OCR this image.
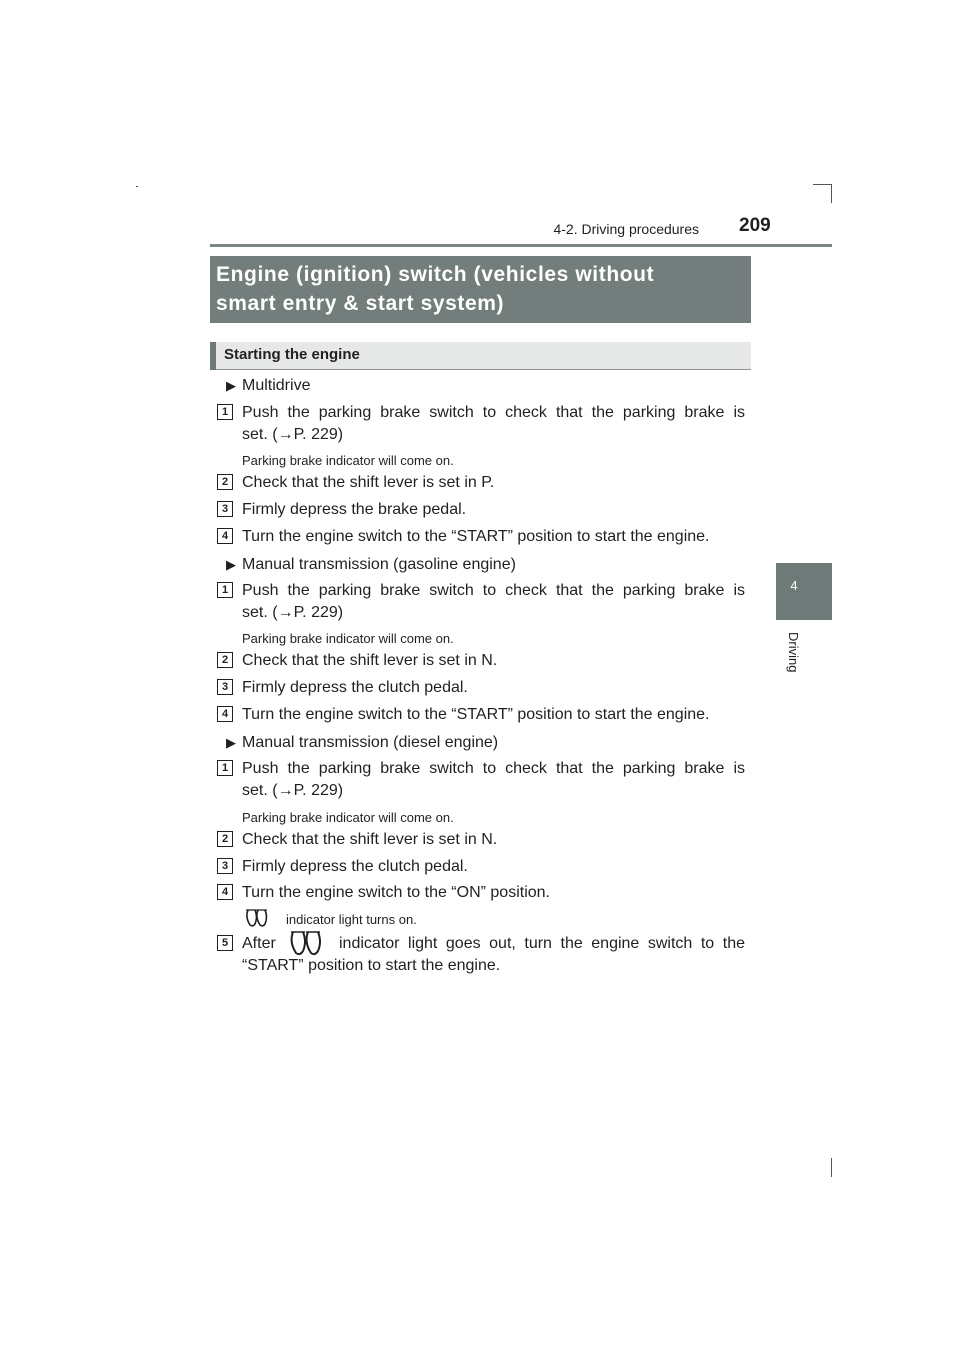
4-2. Driving procedures 209
4
Driving
Engine (ignition) switch (vehicles without
smart entry & start system)
Starting the engine
▶ Multidrive
1 Push the parking brake switch to check that the parking brake is
set. (→P. 229)
Parking brake indicator will come on.
2 Check that the shift lever is set in P.
3 Firmly depress the brake pedal.
4 Turn the engine switch to the “START” position to start the engine.
▶ Manual transmission (gasoline engine)
1 Push the parking brake switch to check that the parking brake is
set. (→P. 229)
Parking brake indicator will come on.
2 Check that the shift lever is set in N.
3 Firmly depress the clutch pedal.
4 Turn the engine switch to the “START” position to start the engine.
▶ Manual transmission (diesel engine)
1 Push the parking brake switch to check that the parking brake is
set. (→P. 229)
Parking brake indicator will come on.
2 Check that the shift lever is set in N.
3 Firmly depress the clutch pedal.
4 Turn the engine switch to the “ON” position.
indicator light turns on.
5 After	indicator light goes out, turn the engine switch to the
“START” position to start the engine.
